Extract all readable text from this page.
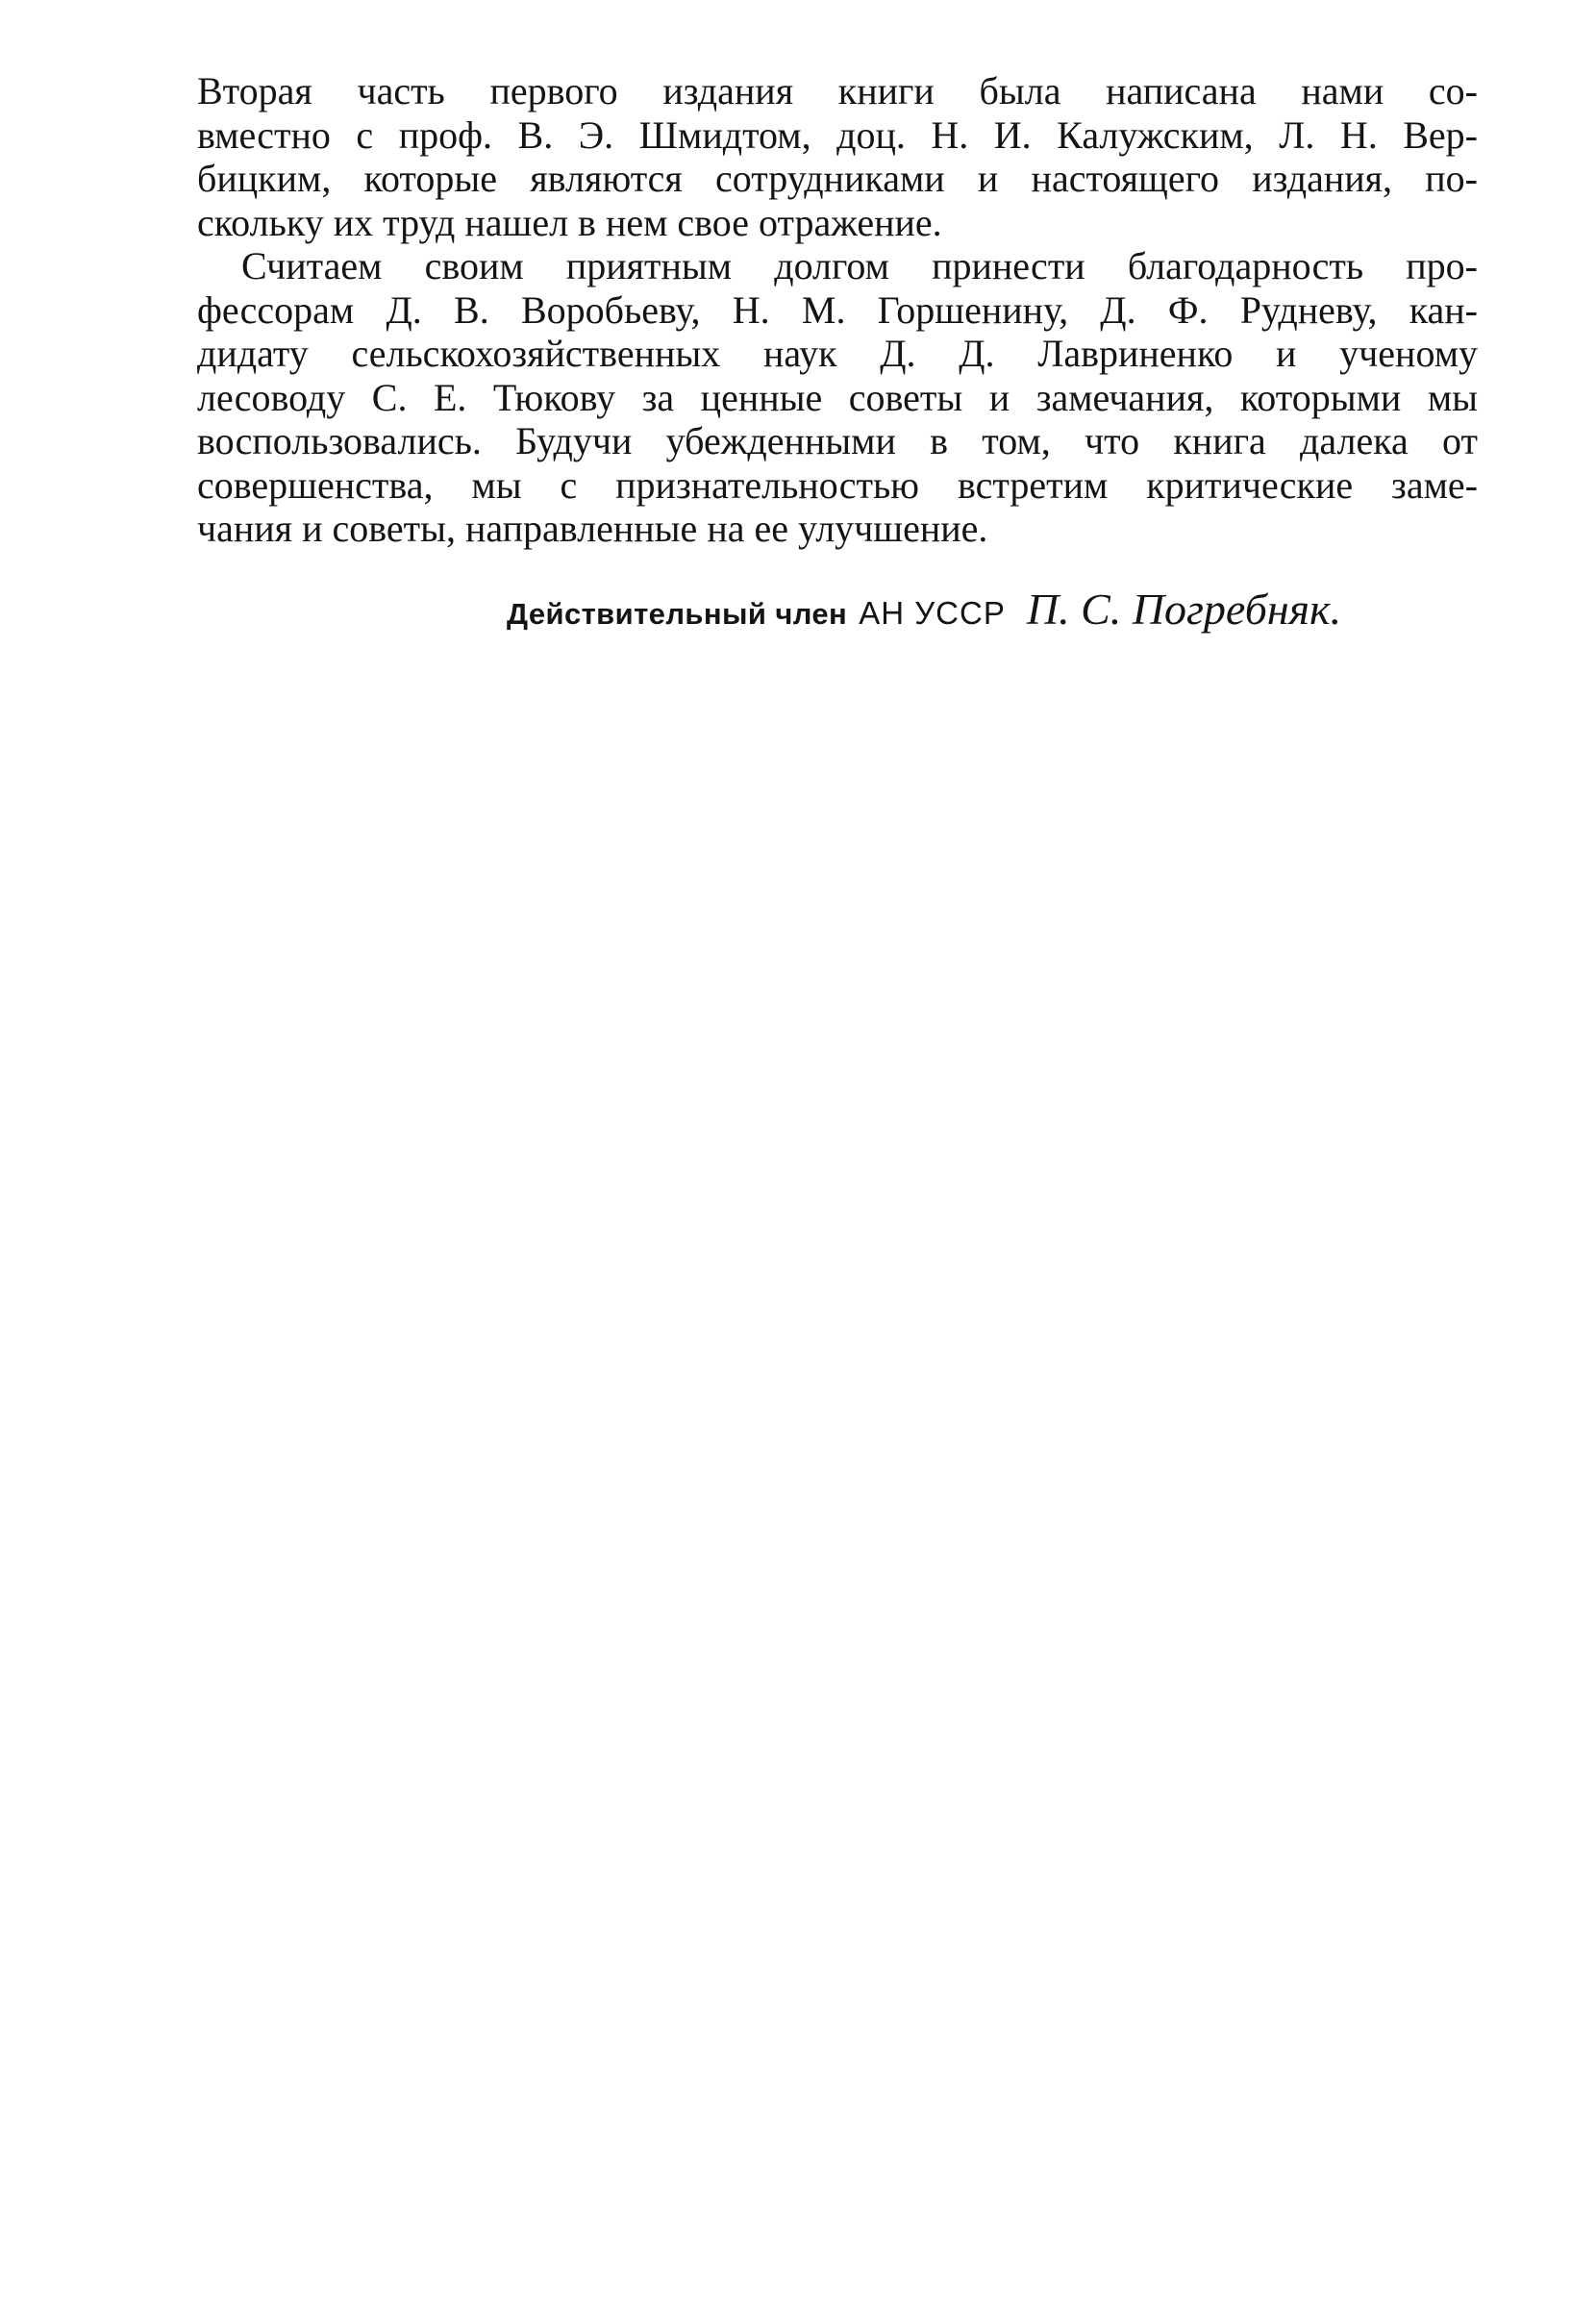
Вторая часть первого издания книги была написана нами со-
вместно с проф. В. Э. Шмидтом, доц. Н. И. Калужским, Л. Н. Вер-
бицким, которые являются сотрудниками и настоящего издания, по-
скольку их труд нашел в нем свое отражение.
Считаем своим приятным долгом принести благодарность про-
фессорам Д. В. Воробьеву, Н. М. Горшенину, Д. Ф. Рудневу, кан-
дидату сельскохозяйственных наук Д. Д. Лавриненко и ученому
лесоводу С. Е. Тюкову за ценные советы и замечания, которыми мы
воспользовались. Будучи убежденными в том, что книга далека от
совершенства, мы с признательностью встретим критические заме-
чания и советы, направленные на ее улучшение.
Действительный член АН УССР П. С. Погребняк.
